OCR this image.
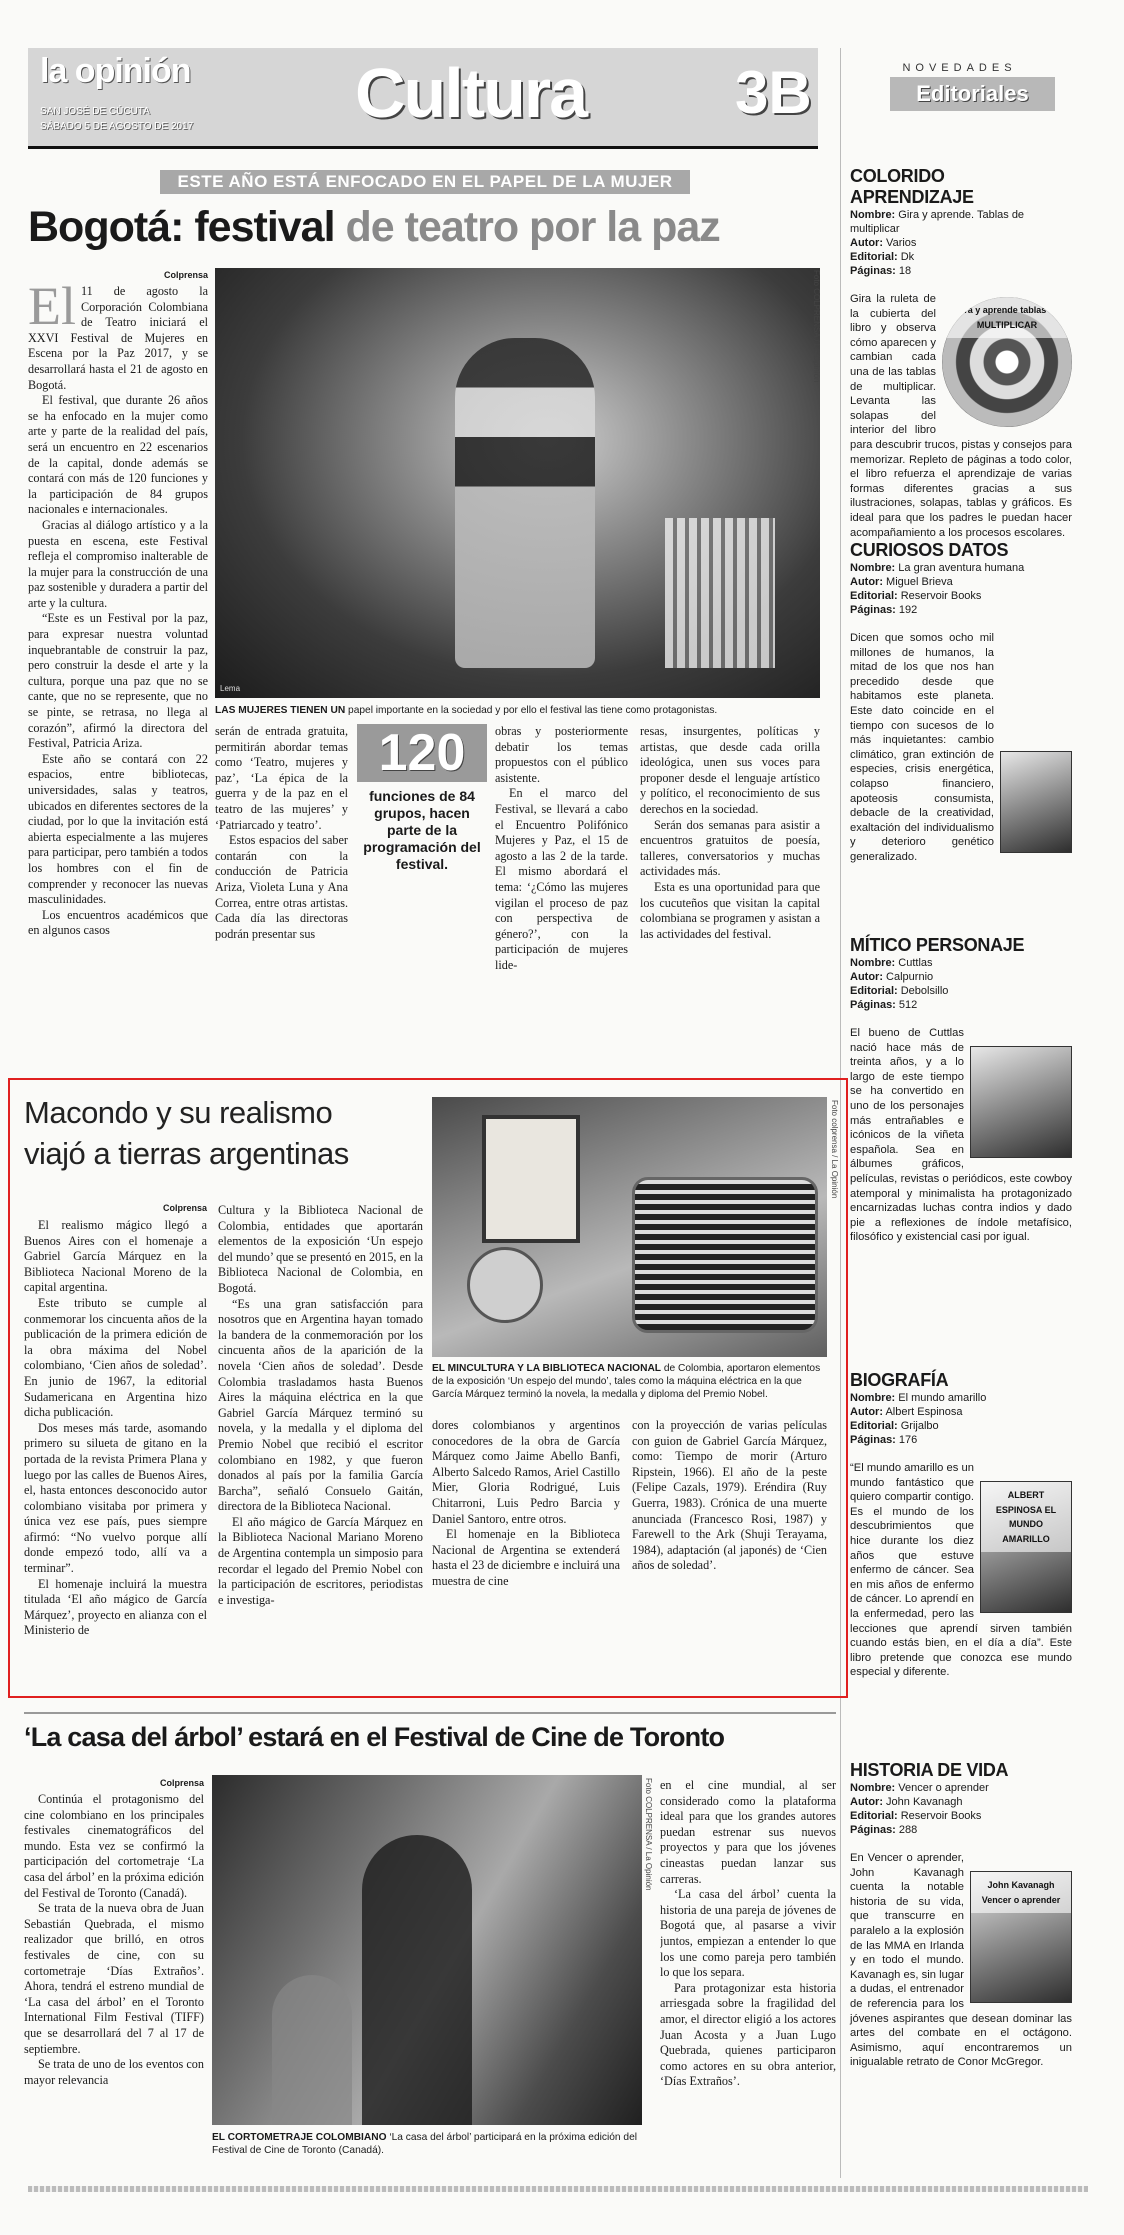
la opinión
SAN JOSÉ DE CÚCUTA
SÁBADO 5 DE AGOSTO DE 2017 Cultura 3B	NOVEDADES
Editoriales
ESTE AÑO ESTÁ ENFOCADO EN EL PAPEL DE LA MUJER
Bogotá: festival de teatro por la paz
Colprensa
El 11 de agosto la Corporación Colombiana de Teatro iniciará el XXVI Festival de Mujeres en Escena por la Paz 2017, y se desarrollará hasta el 21 de agosto en Bogotá.

El festival, que durante 26 años se ha enfocado en la mujer como arte y parte de la realidad del país, será un encuentro en 22 escenarios de la capital, donde además se contará con más de 120 funciones y la participación de 84 grupos nacionales e internacionales.

Gracias al diálogo artístico y a la puesta en escena, este Festival refleja el compromiso inalterable de la mujer para la construcción de una paz sostenible y duradera a partir del arte y la cultura.

“Este es un Festival por la paz, para expresar nuestra voluntad inquebrantable de construir la paz, pero construir la desde el arte y la cultura, porque una paz que no se cante, que no se represente, que no se pinte, se retrasa, no llega al corazón”, afirmó la directora del Festival, Patricia Ariza.

Este año se contará con 22 espacios, entre bibliotecas, universidades, salas y teatros, ubicados en diferentes sectores de la ciudad, por lo que la invitación está abierta especialmente a las mujeres para participar, pero también a todos los hombres con el fin de comprender y reconocer las nuevas masculinidades.

Los encuentros académicos que en algunos casos

Foto COLPRENSA / La Opinión
Lema
LAS MUJERES TIENEN UN papel importante en la sociedad y por ello el festival las tiene como protagonistas.

serán de entrada gratuita, permitirán abordar temas como ‘Teatro, mujeres y paz’, ‘La épica de la guerra y de la paz en el teatro de las mujeres’ y ‘Patriarcado y teatro’.

Estos espacios del saber contarán con la conducción de Patricia Ariza, Violeta Luna y Ana Correa, entre otras artistas. Cada día las directoras podrán presentar sus

120
funciones de 84 grupos, hacen parte de la programación del festival.

obras y posteriormente debatir los temas propuestos con el público asistente.

En el marco del Festival, se llevará a cabo el Encuentro Polifónico Mujeres y Paz, el 15 de agosto a las 2 de la tarde. El mismo abordará el tema: ‘¿Cómo las mujeres vigilan el proceso de paz con perspectiva de género?’, con la participación de mujeres lide-

resas, insurgentes, políticas y artistas, que desde cada orilla ideológica, unen sus voces para proponer desde el lenguaje artístico y político, el reconocimiento de sus derechos en la sociedad.

Serán dos semanas para asistir a encuentros gratuitos de poesía, talleres, conversatorios y muchas actividades más.

Esta es una oportunidad para que los cucuteños que visitan la capital colombiana se programen y asistan a las actividades del festival.

Macondo y su realismo
viajó a tierras argentinas	Foto colprensa / La Opinión
EL MINCULTURA Y LA BIBLIOTECA NACIONAL de Colombia, aportaron elementos de la exposición ‘Un espejo del mundo’, tales como la máquina eléctrica en la que García Márquez terminó la novela, la medalla y diploma del Premio Nobel.
Colprensa

El realismo mágico llegó a Buenos Aires con el homenaje a Gabriel García Márquez en la Biblioteca Nacional Moreno de la capital argentina.

Este tributo se cumple al conmemorar los cincuenta años de la publicación de la primera edición de la obra máxima del Nobel colombiano, ‘Cien años de soledad’. En junio de 1967, la editorial Sudamericana en Argentina hizo dicha publicación.

Dos meses más tarde, asomando primero su silueta de gitano en la portada de la revista Primera Plana y luego por las calles de Buenos Aires, el, hasta entonces desconocido autor colombiano visitaba por primera y única vez ese país, pues siempre afirmó: “No vuelvo porque allí donde empezó todo, allí va a terminar”.

El homenaje incluirá la muestra titulada ‘El año mágico de García Márquez’, proyecto en alianza con el Ministerio de

Cultura y la Biblioteca Nacional de Colombia, entidades que aportarán elementos de la exposición ‘Un espejo del mundo’ que se presentó en 2015, en la Biblioteca Nacional de Colombia, en Bogotá.

“Es una gran satisfacción para nosotros que en Argentina hayan tomado la bandera de la conmemoración por los cincuenta años de la aparición de la novela ‘Cien años de soledad’. Desde Colombia trasladamos hasta Buenos Aires la máquina eléctrica en la que Gabriel García Márquez terminó su novela, y la medalla y el diploma del Premio Nobel que recibió el escritor colombiano en 1982, y que fueron donados al país por la familia García Barcha”, señaló Consuelo Gaitán, directora de la Biblioteca Nacional.

El año mágico de García Márquez en la Biblioteca Nacional Mariano Moreno de Argentina contempla un simposio para recordar el legado del Premio Nobel con la participación de escritores, periodistas e investiga-

dores colombianos y argentinos conocedores de la obra de García Márquez como Jaime Abello Banfi, Alberto Salcedo Ramos, Ariel Castillo Mier, Gloria Rodrigué, Luis Chitarroni, Luis Pedro Barcia y Daniel Santoro, entre otros.

El homenaje en la Biblioteca Nacional de Argentina se extenderá hasta el 23 de diciembre e incluirá una muestra de cine

con la proyección de varias películas con guion de Gabriel García Márquez, como: Tiempo de morir (Arturo Ripstein, 1966). El año de la peste (Felipe Cazals, 1979). Eréndira (Ruy Guerra, 1983). Crónica de una muerte anunciada (Francesco Rosi, 1987) y Farewell to the Ark (Shuji Terayama, 1984), adaptación (al japonés) de ‘Cien años de soledad’.

‘La casa del árbol’ estará en el Festival de Cine de Toronto
Colprensa

Continúa el protagonismo del cine colombiano en los principales festivales cinematográficos del mundo. Esta vez se confirmó la participación del cortometraje ‘La casa del árbol’ en la próxima edición del Festival de Toronto (Canadá).

Se trata de la nueva obra de Juan Sebastián Quebrada, el mismo realizador que brilló, en otros festivales de cine, con su cortometraje ‘Días Extraños’. Ahora, tendrá el estreno mundial de ‘La casa del árbol’ en el Toronto International Film Festival (TIFF) que se desarrollará del 7 al 17 de septiembre.

Se trata de uno de los eventos con mayor relevancia

Foto COLPRENSA / La Opinión
EL CORTOMETRAJE COLOMBIANO ‘La casa del árbol’ participará en la próxima edición del Festival de Cine de Toronto (Canadá).

en el cine mundial, al ser considerado como la plataforma ideal para que los grandes autores puedan estrenar sus nuevos proyectos y para que los jóvenes cineastas puedan lanzar sus carreras.

‘La casa del árbol’ cuenta la historia de una pareja de jóvenes de Bogotá que, al pasarse a vivir juntos, empiezan a entender lo que los une como pareja pero también lo que los separa.

Para protagonizar esta historia arriesgada sobre la fragilidad del amor, el director eligió a los actores Juan Acosta y a Juan Lugo Quebrada, quienes participaron como actores en su obra anterior, ‘Días Extraños’.

COLORIDO APRENDIZAJE
Nombre: Gira y aprende. Tablas de multiplicar
Autor: Varios
Editorial: Dk
Páginas: 18
Gira y aprende tablas de MULTIPLICAR
Gira la ruleta de la cubierta del libro y observa cómo aparecen y cambian cada una de las tablas de multiplicar. Levanta las solapas del interior del libro para descubrir trucos, pistas y consejos para memorizar. Repleto de páginas a todo color, el libro refuerza el aprendizaje de varias formas diferentes gracias a sus ilustraciones, solapas, tablas y gráficos. Es ideal para que los padres le puedan hacer acompañamiento a los procesos escolares.
CURIOSOS DATOS
Nombre: La gran aventura humana
Autor: Miguel Brieva
Editorial: Reservoir Books
Páginas: 192
Dicen que somos ocho mil millones de humanos, la mitad de los que nos han precedido desde que habitamos este planeta. Este dato coincide en el tiempo con sucesos de lo más inquietantes: cambio climático, gran extinción de especies, crisis energética, colapso financiero, apoteosis consumista, debacle de la creatividad, exaltación del individualismo y deterioro genético generalizado.
MÍTICO PERSONAJE
Nombre: Cuttlas
Autor: Calpurnio
Editorial: Debolsillo
Páginas: 512
El bueno de Cuttlas nació hace más de treinta años, y a lo largo de este tiempo se ha convertido en uno de los personajes más entrañables e icónicos de la viñeta española. Sea en álbumes gráficos, películas, revistas o periódicos, este cowboy atemporal y minimalista ha protagonizado encarnizadas luchas contra indios y dado pie a reflexiones de índole metafísico, filosófico y existencial casi por igual.
BIOGRAFÍA
Nombre: El mundo amarillo
Autor: Albert Espinosa
Editorial: Grijalbo
Páginas: 176
ALBERT ESPINOSA EL MUNDO AMARILLO
“El mundo amarillo es un mundo fantástico que quiero compartir contigo. Es el mundo de los descubrimientos que hice durante los diez años que estuve enfermo de cáncer. Sea en mis años de enfermo de cáncer. Lo aprendí en la enfermedad, pero las lecciones que aprendí sirven también cuando estás bien, en el día a día”. Este libro pretende que conozca ese mundo especial y diferente.
HISTORIA DE VIDA
Nombre: Vencer o aprender
Autor: John Kavanagh
Editorial: Reservoir Books
Páginas: 288
John Kavanagh Vencer o aprender
En Vencer o aprender, John Kavanagh cuenta la notable historia de su vida, que transcurre en paralelo a la explosión de las MMA en Irlanda y en todo el mundo. Kavanagh es, sin lugar a dudas, el entrenador de referencia para los jóvenes aspirantes que desean dominar las artes del combate en el octágono. Asimismo, aquí encontraremos un inigualable retrato de Conor McGregor.
